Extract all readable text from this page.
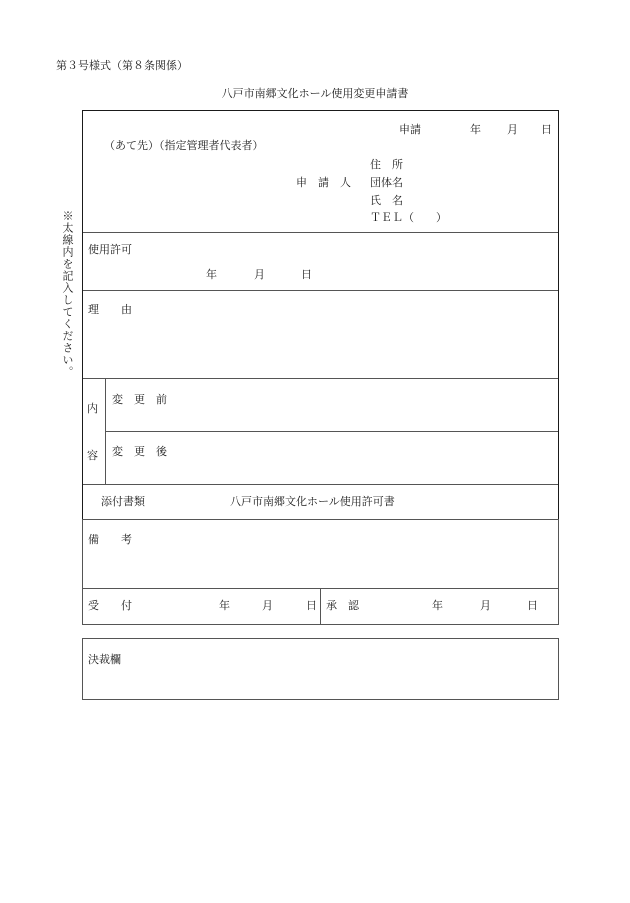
第３号様式（第８条関係）
八戸市南郷文化ホール使用変更申請書
※太線内を記入してください。
申請	年 月 日
（あて先）（指定管理者代表者）
申　請　人
住　所
団体名
氏　名
ＴＥＬ（　　）
使用許可
年	月	日
理　　由
内
容
変　更　前
変　更　後
添付書類	八戸市南郷文化ホール使用許可書
備　　考
受　　付	年	月	日 承　認	年	月	日
決裁欄
